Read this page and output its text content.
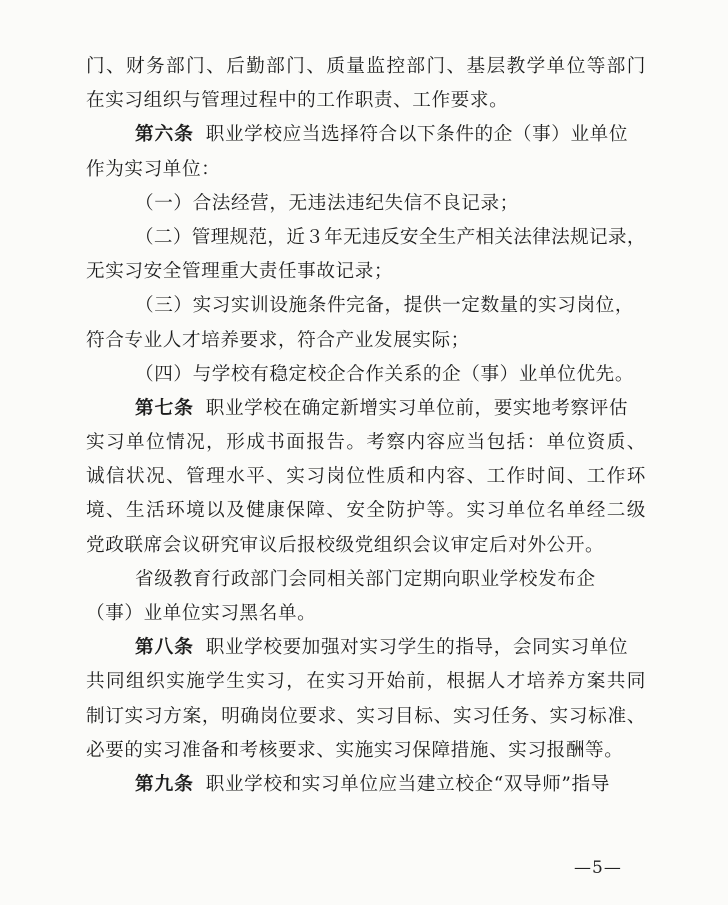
门、财务部门、后勤部门、质量监控部门、基层教学单位等部门
在实习组织与管理过程中的工作职责、工作要求。
第六条 职业学校应当选择符合以下条件的企（事）业单位
作为实习单位：
（一）合法经营，无违法违纪失信不良记录；
（二）管理规范，近３年无违反安全生产相关法律法规记录，
无实习安全管理重大责任事故记录；
（三）实习实训设施条件完备，提供一定数量的实习岗位，
符合专业人才培养要求，符合产业发展实际；
（四）与学校有稳定校企合作关系的企（事）业单位优先。
第七条 职业学校在确定新增实习单位前，要实地考察评估
实习单位情况，形成书面报告。考察内容应当包括：单位资质、
诚信状况、管理水平、实习岗位性质和内容、工作时间、工作环
境、生活环境以及健康保障、安全防护等。实习单位名单经二级
党政联席会议研究审议后报校级党组织会议审定后对外公开。
省级教育行政部门会同相关部门定期向职业学校发布企
（事）业单位实习黑名单。
第八条 职业学校要加强对实习学生的指导，会同实习单位
共同组织实施学生实习，在实习开始前，根据人才培养方案共同
制订实习方案，明确岗位要求、实习目标、实习任务、实习标准、
必要的实习准备和考核要求、实施实习保障措施、实习报酬等。
第九条 职业学校和实习单位应当建立校企“双导师”指导
—5—
